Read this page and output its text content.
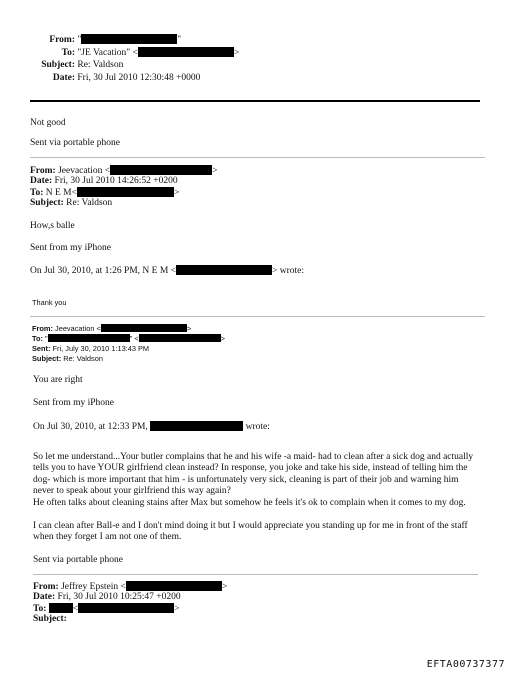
From: "	"
To: "JE Vacation" <	>
Subject: Re: Valdson
Date: Fri, 30 Jul 2010 12:30:48 +0000
Not good
Sent via portable phone
From: Jeevacation <	>
Date: Fri, 30 Jul 2010 14:26:52 +0200
To: N E M<	>
Subject: Re: Valdson
How,s balle
Sent from my iPhone
On Jul 30, 2010, at 1:26 PM, N E M <	> wrote:
Thank you
From: Jeevacation <	>
To: "	" <	>
Sent: Fri, July 30, 2010 1:13:43 PM
Subject: Re: Valdson
You are right
Sent from my iPhone
On Jul 30, 2010, at 12:33 PM,	wrote:
So let me understand...Your butler complains that he and his wife -a maid- had to clean after a sick dog and actually tells you to have YOUR girlfriend clean instead? In response, you joke and take his side, instead of telling him the dog- which is more important that him - is unfortunately very sick, cleaning is part of their job and warning him never to speak about your girlfriend this way again?
He often talks about cleaning stains after Max but somehow he feels it's ok to complain when it comes to my dog.
I can clean after Ball-e and I don't mind doing it but I would appreciate you standing up for me in front of the staff when they forget I am not one of them.
Sent via portable phone
From: Jeffrey Epstein <	>
Date: Fri, 30 Jul 2010 10:25:47 +0200
To:	<	>
Subject:
EFTA00737377
